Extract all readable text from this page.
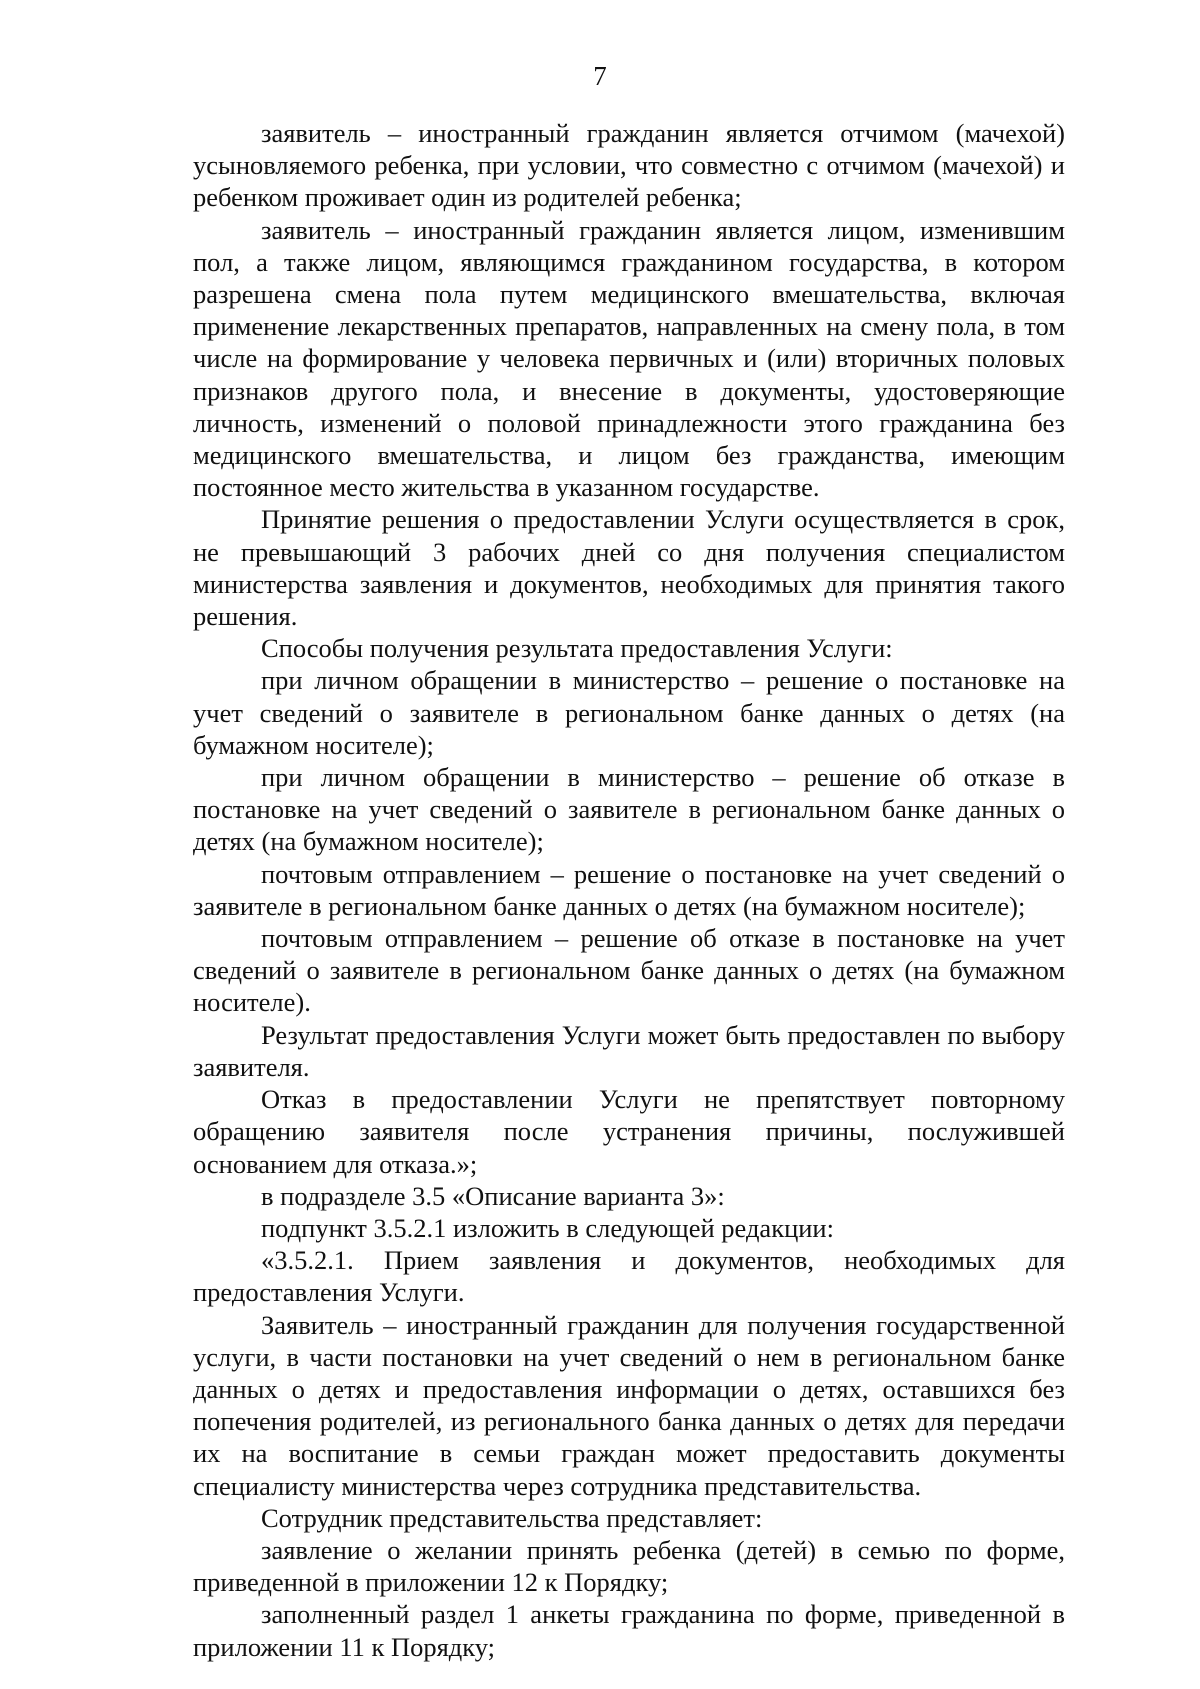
7

заявитель – иностранный гражданин является отчимом (мачехой) усыновляемого ребенка, при условии, что совместно с отчимом (мачехой) и ребенком проживает один из родителей ребенка;

заявитель – иностранный гражданин является лицом, изменившим пол, а также лицом, являющимся гражданином государства, в котором разрешена смена пола путем медицинского вмешательства, включая применение лекарственных препаратов, направленных на смену пола, в том числе на формирование у человека первичных и (или) вторичных половых признаков другого пола, и внесение в документы, удостоверяющие личность, изменений о половой принадлежности этого гражданина без медицинского вмешательства, и лицом без гражданства, имеющим постоянное место жительства в указанном государстве.

Принятие решения о предоставлении Услуги осуществляется в срок, не превышающий 3 рабочих дней со дня получения специалистом министерства заявления и документов, необходимых для принятия такого решения.

Способы получения результата предоставления Услуги:

при личном обращении в министерство – решение о постановке на учет сведений о заявителе в региональном банке данных о детях (на бумажном носителе);

при личном обращении в министерство – решение об отказе в постановке на учет сведений о заявителе в региональном банке данных о детях (на бумажном носителе);

почтовым отправлением – решение о постановке на учет сведений о заявителе в региональном банке данных о детях (на бумажном носителе);

почтовым отправлением – решение об отказе в постановке на учет сведений о заявителе в региональном банке данных о детях (на бумажном носителе).

Результат предоставления Услуги может быть предоставлен по выбору заявителя.

Отказ в предоставлении Услуги не препятствует повторному обращению заявителя после устранения причины, послужившей основанием для отказа.»;

в подразделе 3.5 «Описание варианта 3»:

подпункт 3.5.2.1 изложить в следующей редакции:

«3.5.2.1. Прием заявления и документов, необходимых для предоставления Услуги.

Заявитель – иностранный гражданин для получения государственной услуги, в части постановки на учет сведений о нем в региональном банке данных о детях и предоставления информации о детях, оставшихся без попечения родителей, из регионального банка данных о детях для передачи их на воспитание в семьи граждан может предоставить документы специалисту министерства через сотрудника представительства.

Сотрудник представительства представляет:

заявление о желании принять ребенка (детей) в семью по форме, приведенной в приложении 12 к Порядку;

заполненный раздел 1 анкеты гражданина по форме, приведенной в приложении 11 к Порядку;
